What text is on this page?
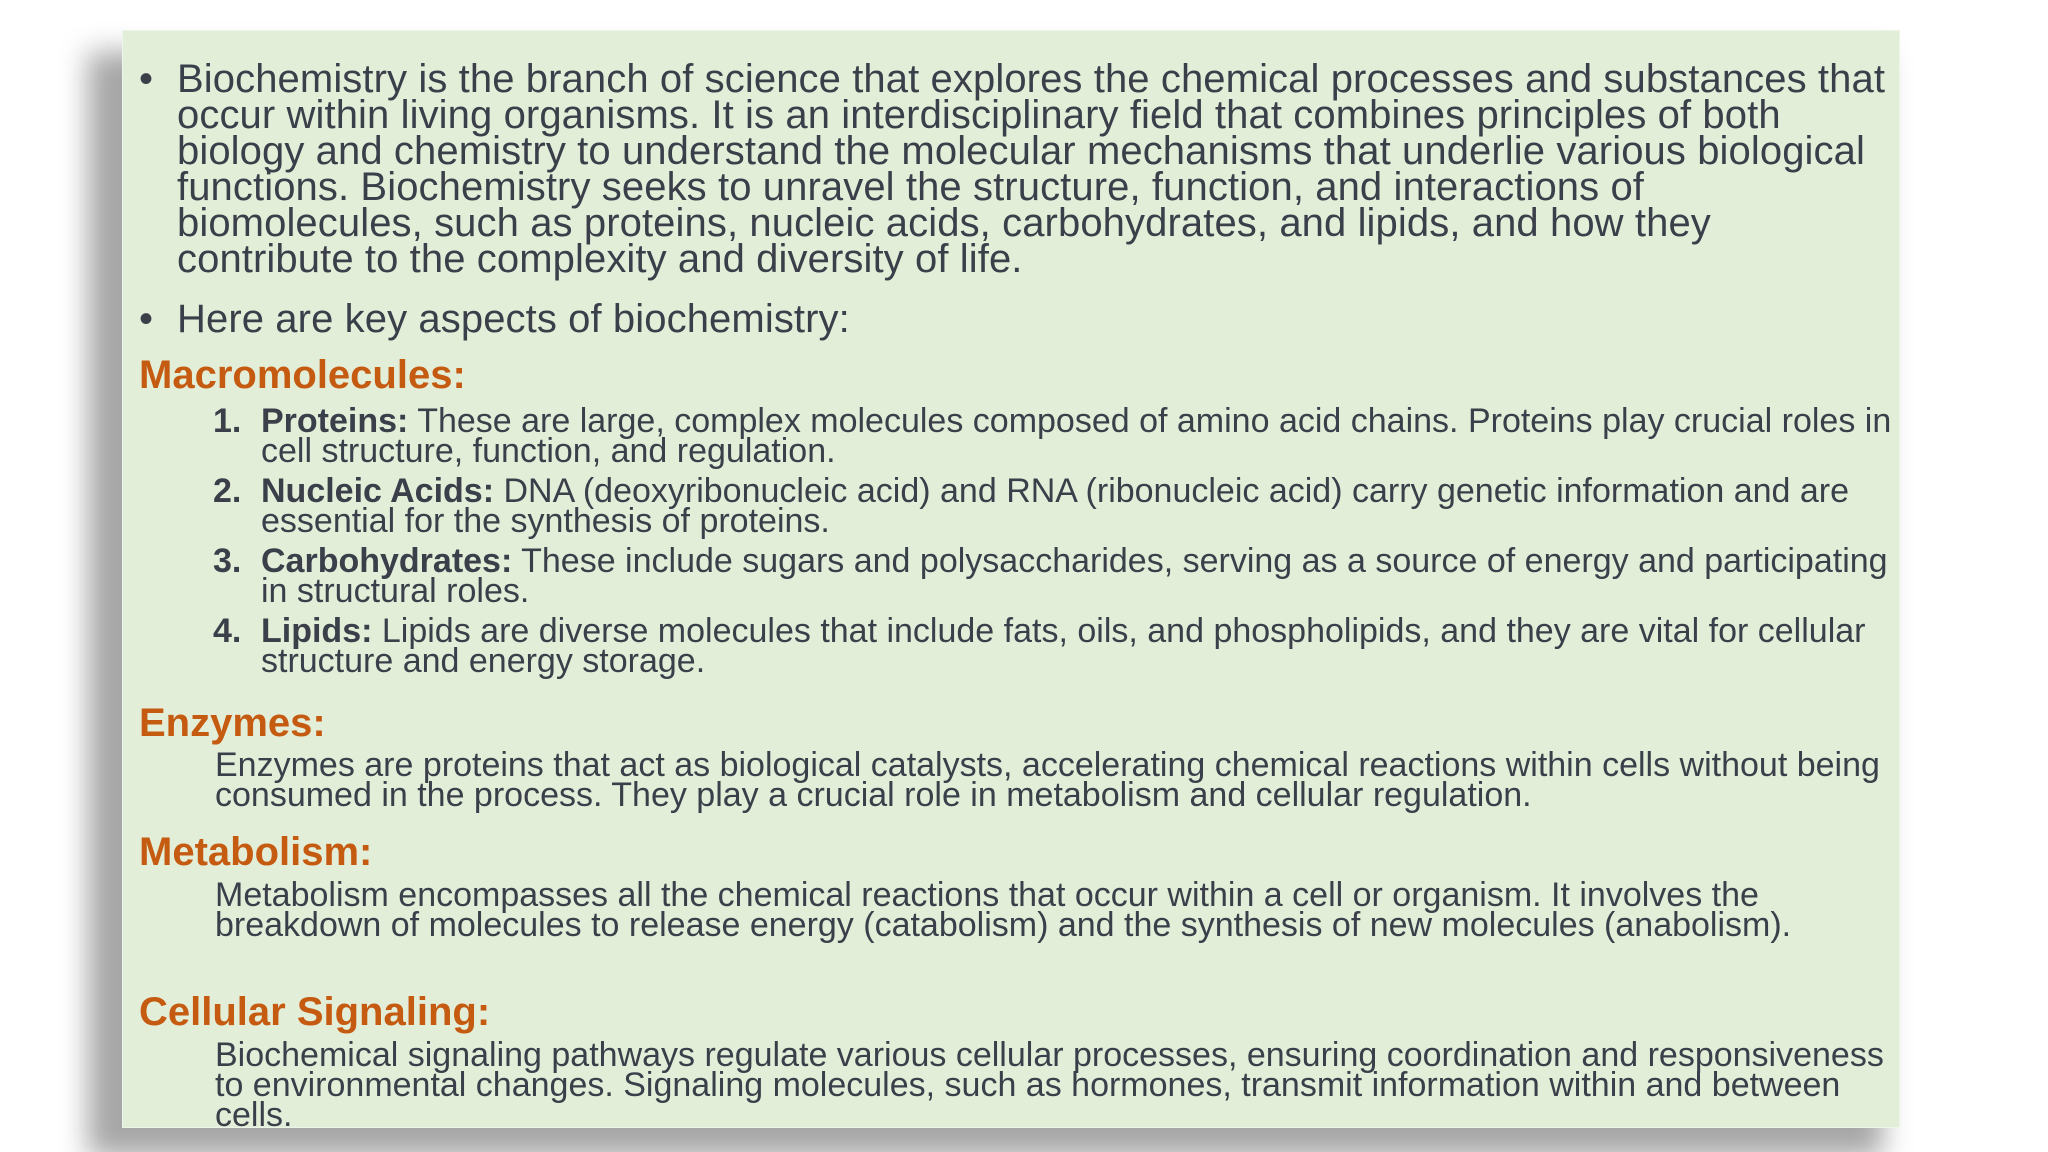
• Biochemistry is the branch of science that explores the chemical processes and substances that occur within living organisms. It is an interdisciplinary field that combines principles of both biology and chemistry to understand the molecular mechanisms that underlie various biological functions. Biochemistry seeks to unravel the structure, function, and interactions of biomolecules, such as proteins, nucleic acids, carbohydrates, and lipids, and how they contribute to the complexity and diversity of life.
• Here are key aspects of biochemistry:
Macromolecules:
1. Proteins: These are large, complex molecules composed of amino acid chains. Proteins play crucial roles in cell structure, function, and regulation.
2. Nucleic Acids: DNA (deoxyribonucleic acid) and RNA (ribonucleic acid) carry genetic information and are essential for the synthesis of proteins.
3. Carbohydrates: These include sugars and polysaccharides, serving as a source of energy and participating in structural roles.
4. Lipids: Lipids are diverse molecules that include fats, oils, and phospholipids, and they are vital for cellular structure and energy storage.
Enzymes:
Enzymes are proteins that act as biological catalysts, accelerating chemical reactions within cells without being consumed in the process. They play a crucial role in metabolism and cellular regulation.
Metabolism:
Metabolism encompasses all the chemical reactions that occur within a cell or organism. It involves the breakdown of molecules to release energy (catabolism) and the synthesis of new molecules (anabolism).
Cellular Signaling:
Biochemical signaling pathways regulate various cellular processes, ensuring coordination and responsiveness to environmental changes. Signaling molecules, such as hormones, transmit information within and between cells.
